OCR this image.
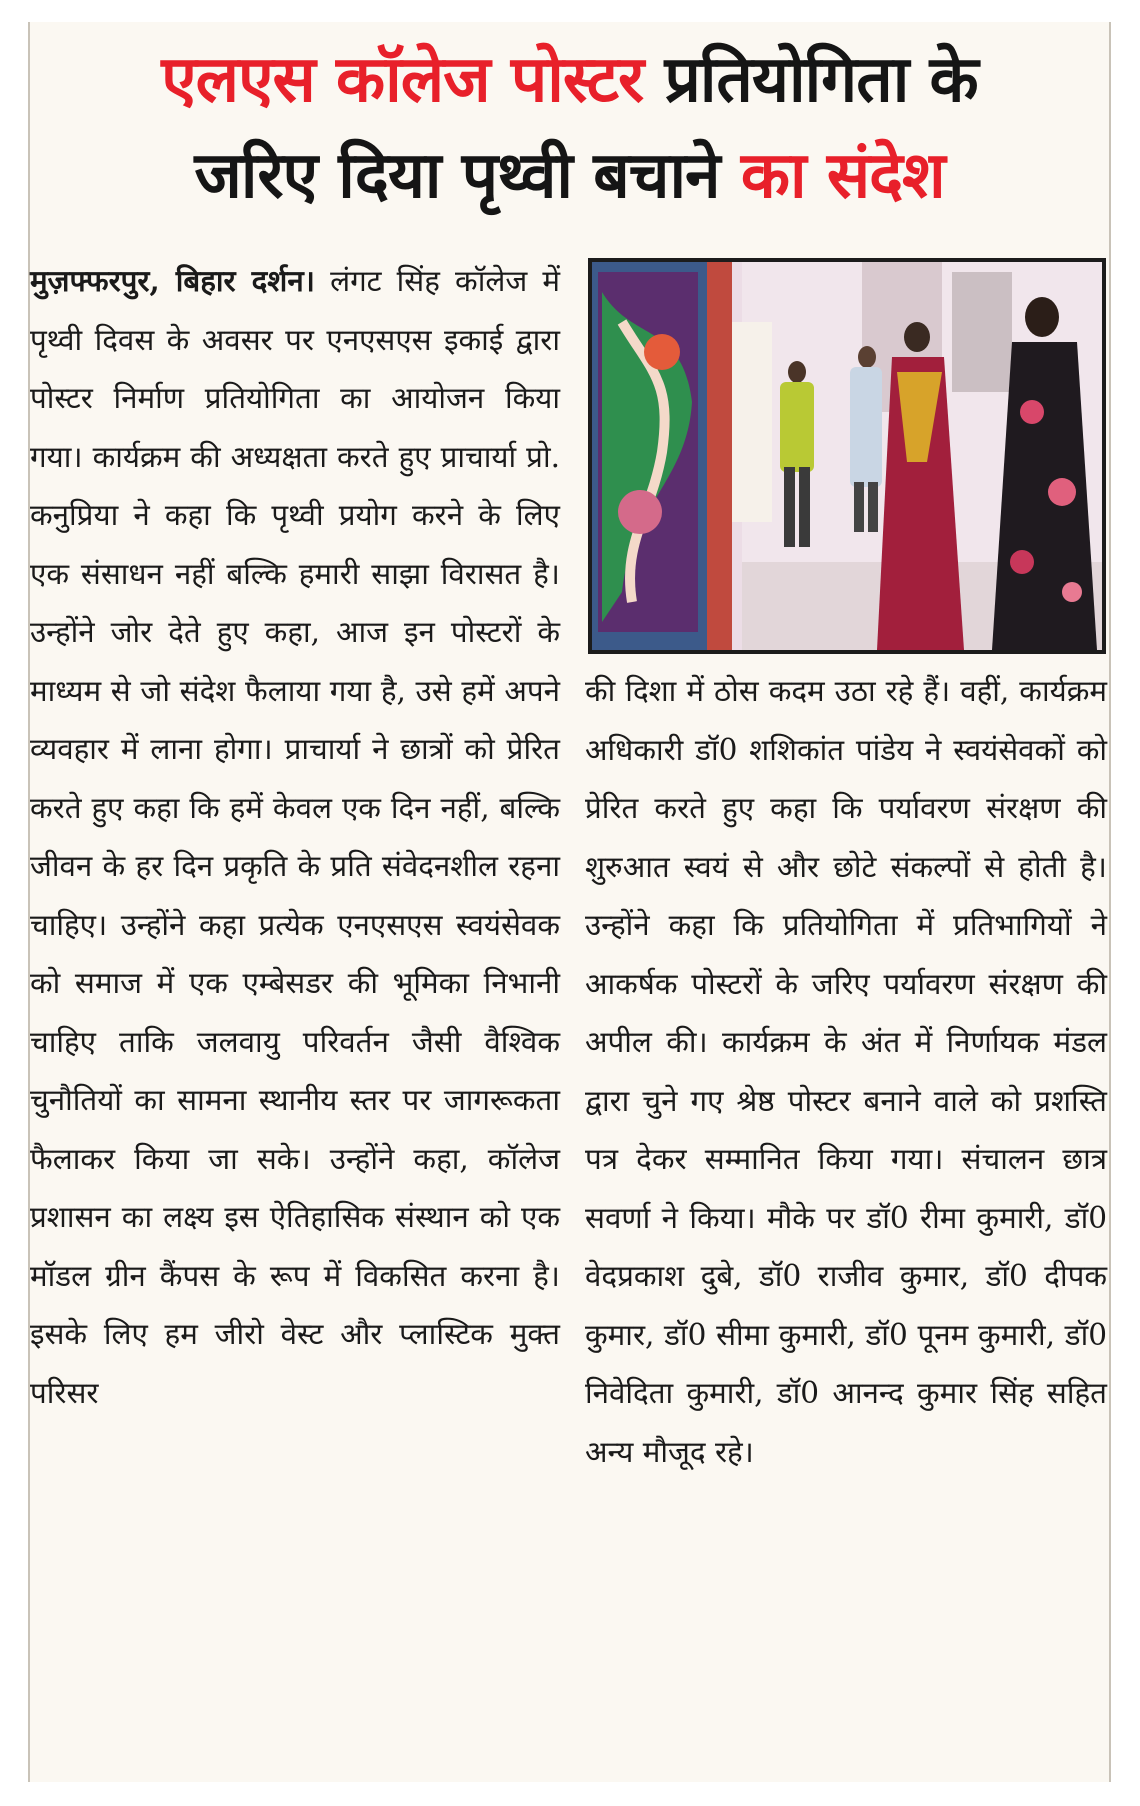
एलएस कॉलेज पोस्टर प्रतियोगिता के
जरिए दिया पृथ्वी बचाने का संदेश

मुज़फ्फरपुर, बिहार दर्शन। लंगट सिंह कॉलेज में पृथ्वी दिवस के अवसर पर एनएसएस इकाई द्वारा पोस्टर निर्माण प्रतियोगिता का आयोजन किया गया। कार्यक्रम की अध्यक्षता करते हुए प्राचार्या प्रो. कनुप्रिया ने कहा कि पृथ्वी प्रयोग करने के लिए एक संसाधन नहीं बल्कि हमारी साझा विरासत है। उन्होंने जोर देते हुए कहा, आज इन पोस्टरों के माध्यम से जो संदेश फैलाया गया है, उसे हमें अपने व्यवहार में लाना होगा। प्राचार्या ने छात्रों को प्रेरित करते हुए कहा कि हमें केवल एक दिन नहीं, बल्कि जीवन के हर दिन प्रकृति के प्रति संवेदनशील रहना चाहिए। उन्होंने कहा प्रत्येक एनएसएस स्वयंसेवक को समाज में एक एम्बेसडर की भूमिका निभानी चाहिए ताकि जलवायु परिवर्तन जैसी वैश्विक चुनौतियों का सामना स्थानीय स्तर पर जागरूकता फैलाकर किया जा सके। उन्होंने कहा, कॉलेज प्रशासन का लक्ष्य इस ऐतिहासिक संस्थान को एक मॉडल ग्रीन कैंपस के रूप में विकसित करना है। इसके लिए हम जीरो वेस्ट और प्लास्टिक मुक्त परिसर

की दिशा में ठोस कदम उठा रहे हैं। वहीं, कार्यक्रम अधिकारी डॉ0 शशिकांत पांडेय ने स्वयंसेवकों को प्रेरित करते हुए कहा कि पर्यावरण संरक्षण की शुरुआत स्वयं से और छोटे संकल्पों से होती है। उन्होंने कहा कि प्रतियोगिता में प्रतिभागियों ने आकर्षक पोस्टरों के जरिए पर्यावरण संरक्षण की अपील की। कार्यक्रम के अंत में निर्णायक मंडल द्वारा चुने गए श्रेष्ठ पोस्टर बनाने वाले को प्रशस्ति पत्र देकर सम्मानित किया गया। संचालन छात्र सवर्णा ने किया। मौके पर डॉ0 रीमा कुमारी, डॉ0 वेदप्रकाश दुबे, डॉ0 राजीव कुमार, डॉ0 दीपक कुमार, डॉ0 सीमा कुमारी, डॉ0 पूनम कुमारी, डॉ0 निवेदिता कुमारी, डॉ0 आनन्द कुमार सिंह सहित अन्य मौजूद रहे।
